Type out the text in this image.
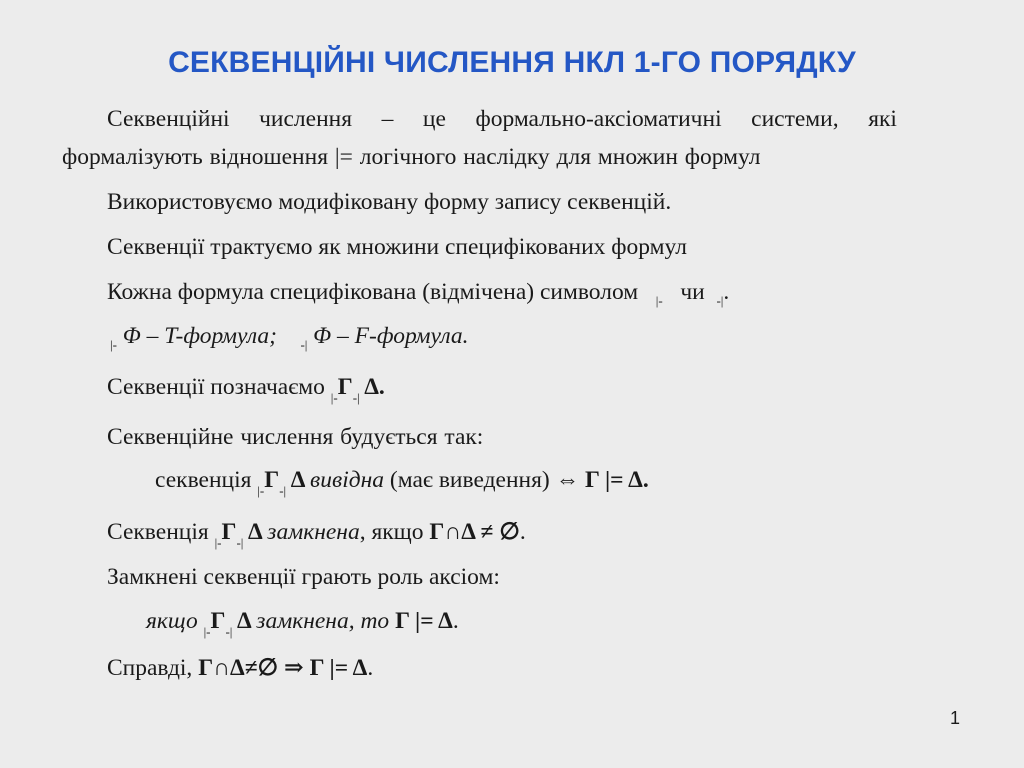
СЕКВЕНЦІЙНІ ЧИСЛЕННЯ НКЛ 1-ГО ПОРЯДКУ
Секвенційні числення – це формально-аксіоматичні системи, які
формалізують відношення |= логічного наслідку для множин формул
Використовуємо модифіковану форму запису секвенцій.
Секвенції трактуємо як множини специфікованих формул
Кожна формула специфікована (відмічена) символом $_{|-}$ чи $_{-|}$.
$_{|-}$ Φ – T-формула; $_{-|}$ Φ – F-формула.
Секвенції позначаємо $_{|-}\Gamma_{-|}$ Δ.
Секвенційне числення будується так:
секвенція $_{|-}\Gamma_{-|}$ Δ вивідна (має виведення) ⇔ Γ |= Δ.
Секвенція $_{|-}\Gamma_{-|}$ Δ замкнена, якщо Γ∩Δ ≠ ∅.
Замкнені секвенції грають роль аксіом:
якщо $_{|-}\Gamma_{-|}$ Δ замкнена, то Γ |= Δ.
Справді, Γ∩Δ≠∅ ⇒ Γ |= Δ.
1
